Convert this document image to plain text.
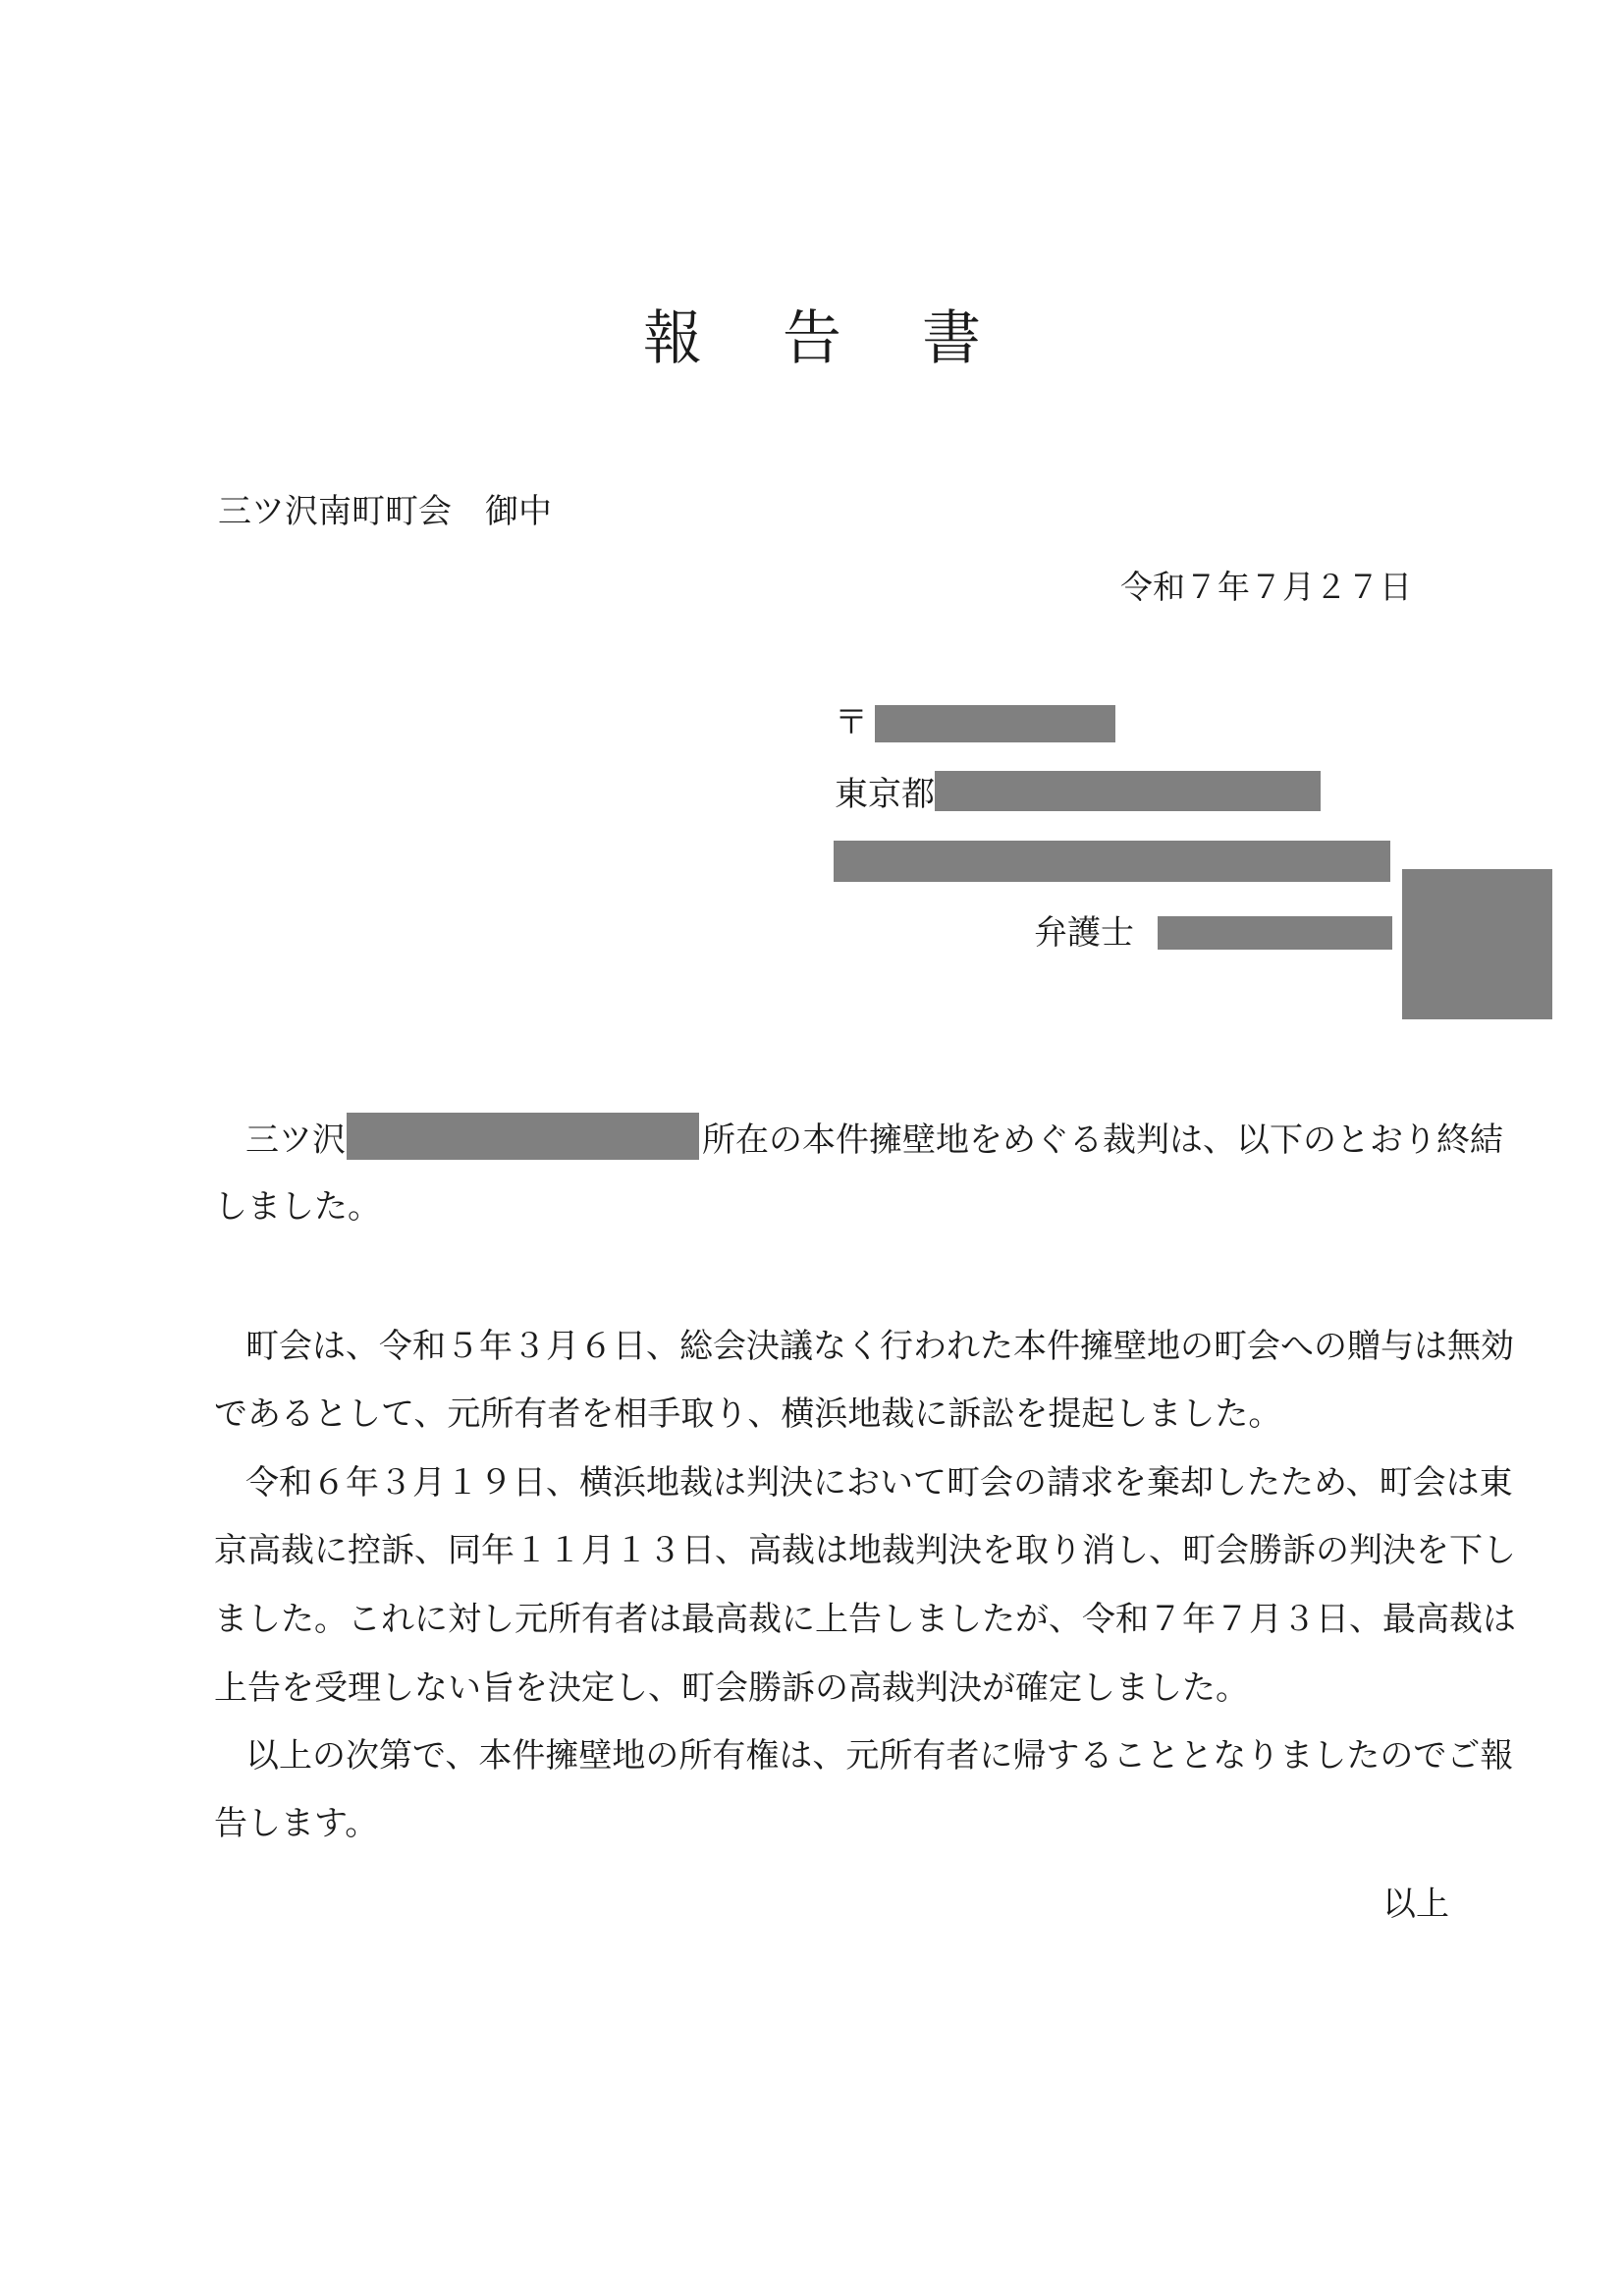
報告書
三ツ沢南町町会　御中
令和７年７月２７日
〒
東京都
弁護士
三ツ沢	所在の本件擁壁地をめぐる裁判は、以下のとおり終結
しました。
町会は、令和５年３月６日、総会決議なく行われた本件擁壁地の町会への贈与は無効
であるとして、元所有者を相手取り、横浜地裁に訴訟を提起しました。
令和６年３月１９日、横浜地裁は判決において町会の請求を棄却したため、町会は東
京高裁に控訴、同年１１月１３日、高裁は地裁判決を取り消し、町会勝訴の判決を下し
ました。これに対し元所有者は最高裁に上告しましたが、令和７年７月３日、最高裁は
上告を受理しない旨を決定し、町会勝訴の高裁判決が確定しました。
以上の次第で、本件擁壁地の所有権は、元所有者に帰することとなりましたのでご報
告します。
以上
